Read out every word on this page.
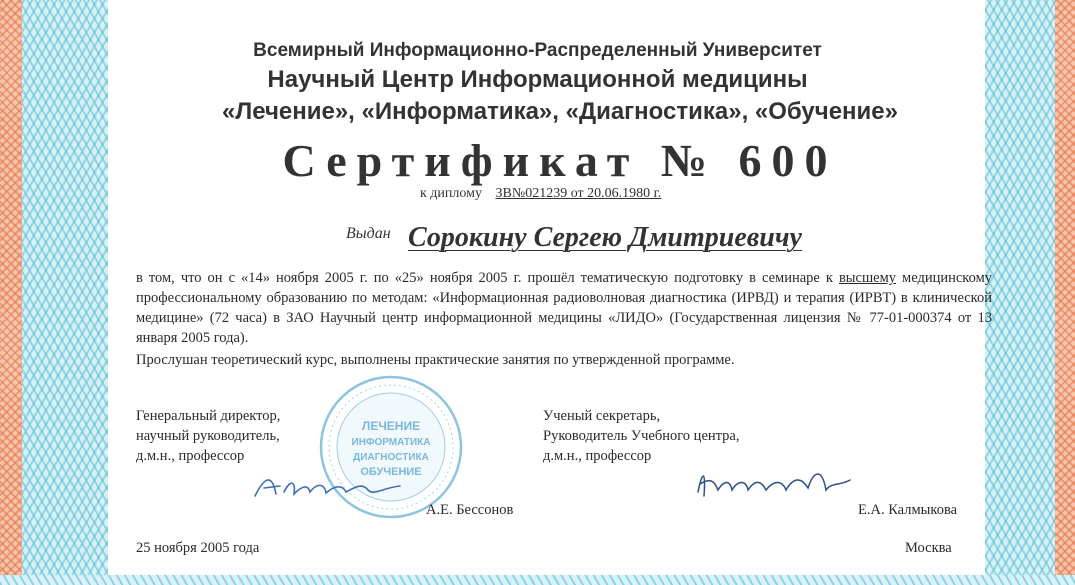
Всемирный Информационно-Распределенный Университет
Научный Центр Информационной медицины
«Лечение», «Информатика», «Диагностика», «Обучение»
Сертификат № 600
к диплому ЗВ№021239 от 20.06.1980 г.
Выдан Сорокину Сергею Дмитриевичу

в том, что он с «14» ноября 2005 г. по «25» ноября 2005 г. прошёл тематическую подготовку в семинаре к высшему медицинскому профессиональному образованию по методам: «Информационная радиоволновая диагностика (ИРВД) и терапия (ИРВТ) в клинической медицине» (72 часа) в ЗАО Научный центр информационной медицины «ЛИДО» (Государственная лицензия № 77-01-000374 от 13 января 2005 года).

Прослушан теоретический курс, выполнены практические занятия по утвержденной программе.
ЛЕЧЕНИЕ
ИНФОРМАТИКА
ДИАГНОСТИКА
ОБУЧЕНИЕ
Генеральный директор,
научный руководитель,
д.м.н., профессор
Ученый секретарь,
Руководитель Учебного центра,
д.м.н., профессор
А.Е. Бессонов	Е.А. Калмыкова
25 ноября 2005 года	Москва
